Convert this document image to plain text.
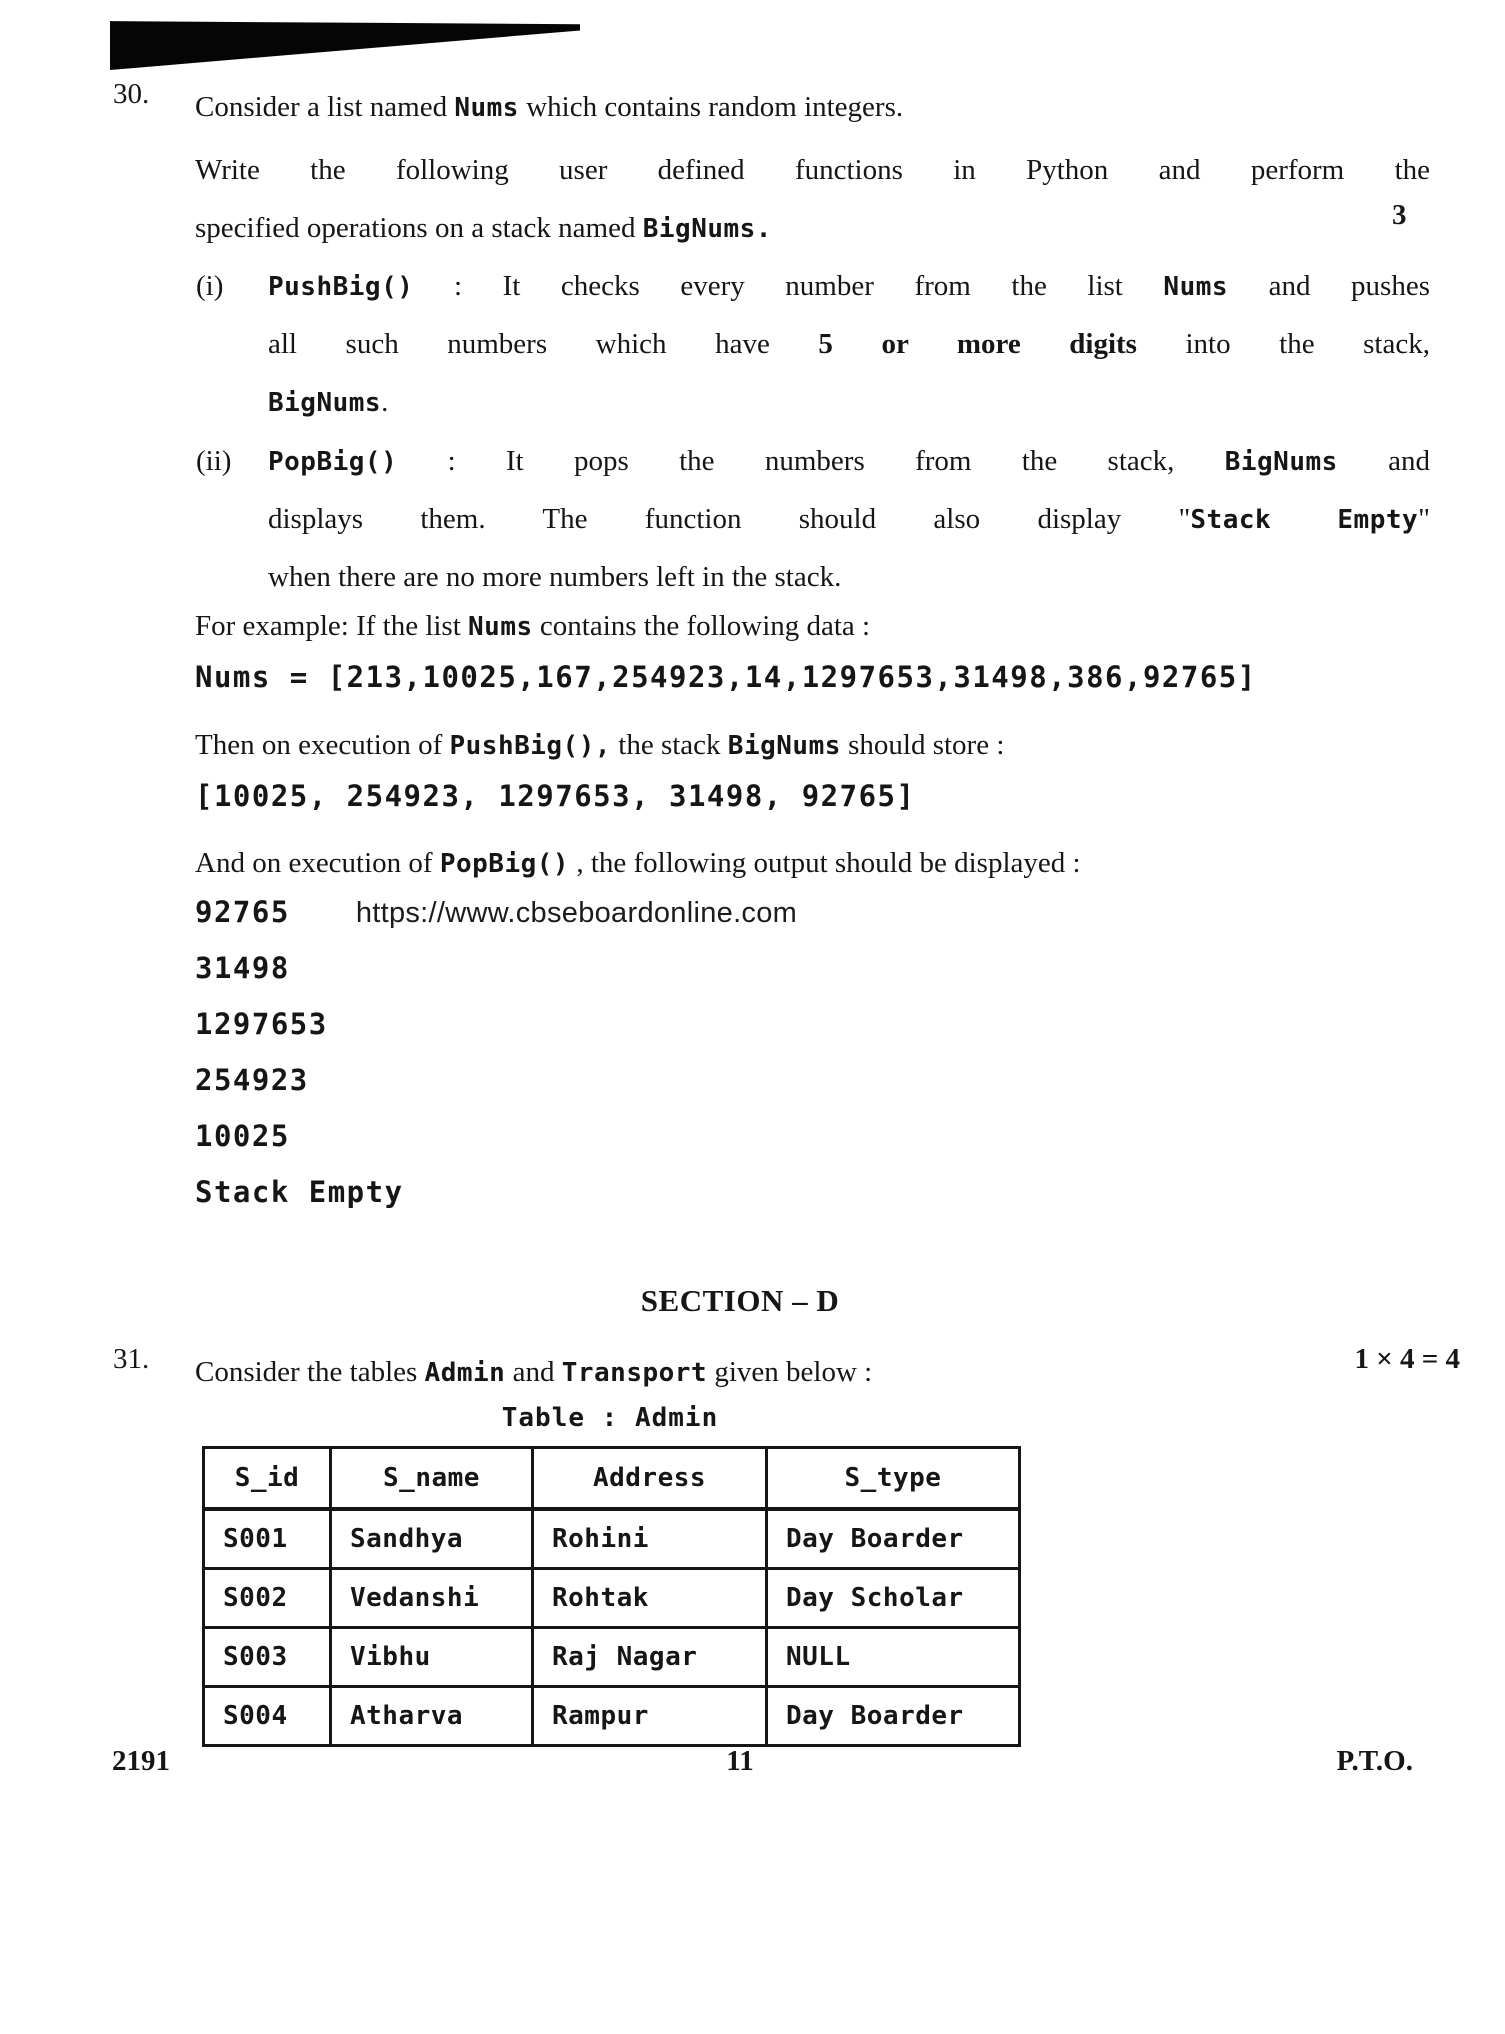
30.	Consider a list named Nums which contains random integers.
Write the following user defined functions in Python and perform the
specified operations on a stack named BigNums.	3
(i) PushBig() : It checks every number from the list Nums and pushes
all such numbers which have 5 or more digits into the stack,
BigNums.
(ii) PopBig() : It pops the numbers from the stack, BigNums and
displays them. The function should also display "Stack Empty"
when there are no more numbers left in the stack.
For example: If the list Nums contains the following data :
Nums = [213,10025,167,254923,14,1297653,31498,386,92765]
Then on execution of PushBig(), the stack BigNums should store :
[10025, 254923, 1297653, 31498, 92765]
And on execution of PopBig() , the following output should be displayed :
92765 https://www.cbseboardonline.com
31498
1297653
254923
10025
Stack Empty
SECTION – D
31.	Consider the tables Admin and Transport given below :	1 × 4 = 4
Table : Admin
S_id	S_name	Address	S_type
S001	Sandhya	Rohini	Day Boarder
S002	Vedanshi	Rohtak	Day Scholar
S003	Vibhu	Raj Nagar	NULL
S004	Atharva	Rampur	Day Boarder
2191	11	P.T.O.
